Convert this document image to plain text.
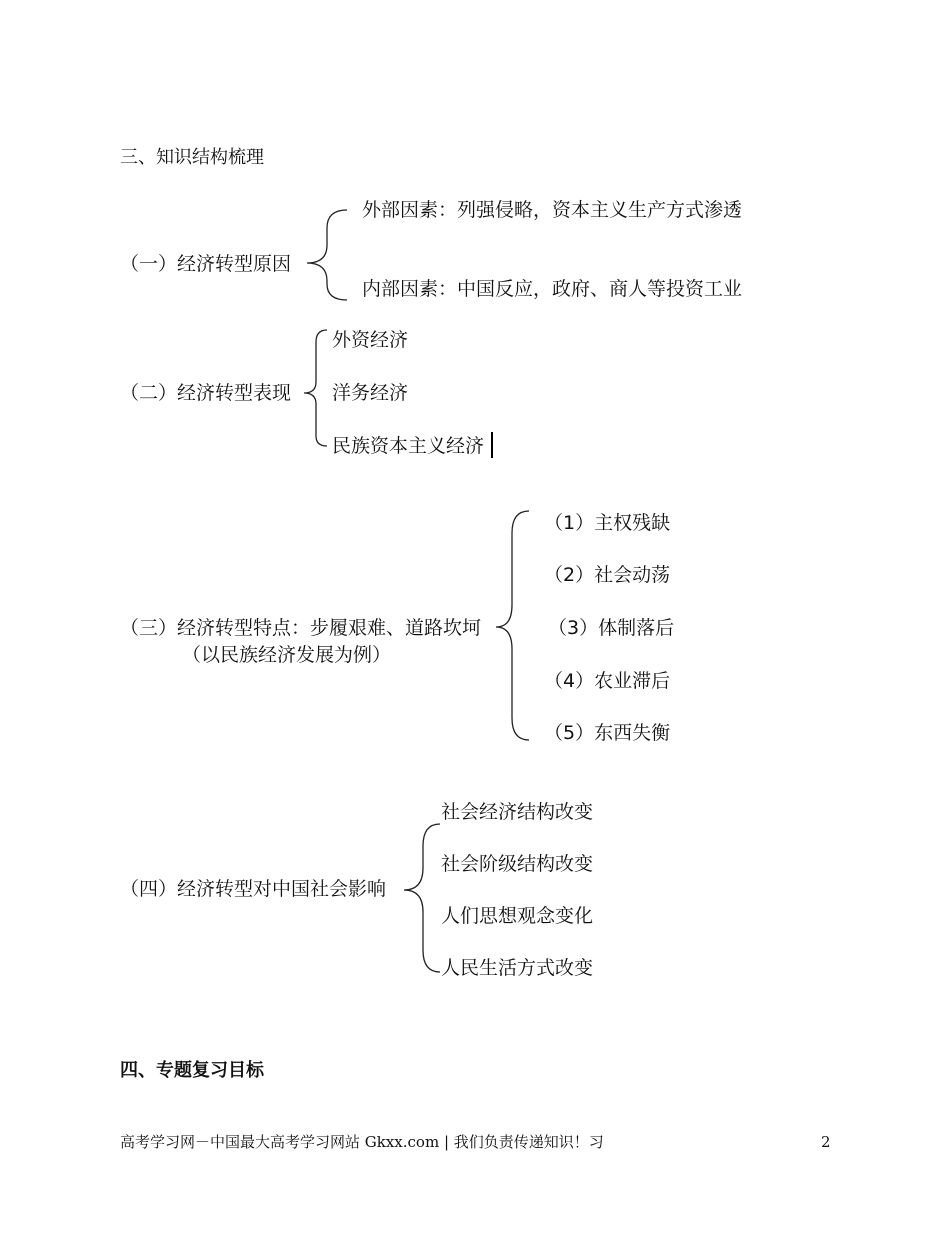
三、知识结构梳理
（一）经济转型原因
外部因素：列强侵略，资本主义生产方式渗透
内部因素：中国反应，政府、商人等投资工业
（二）经济转型表现
外资经济
洋务经济
民族资本主义经济
（三）经济转型特点：步履艰难、道路坎坷
（以民族经济发展为例）
（1）主权残缺
（2）社会动荡
（3）体制落后
（4）农业滞后
（5）东西失衡
（四）经济转型对中国社会影响
社会经济结构改变
社会阶级结构改变
人们思想观念变化
人民生活方式改变
四、专题复习目标
高考学习网－中国最大高考学习网站 Gkxx.com | 我们负责传递知识！习	2
